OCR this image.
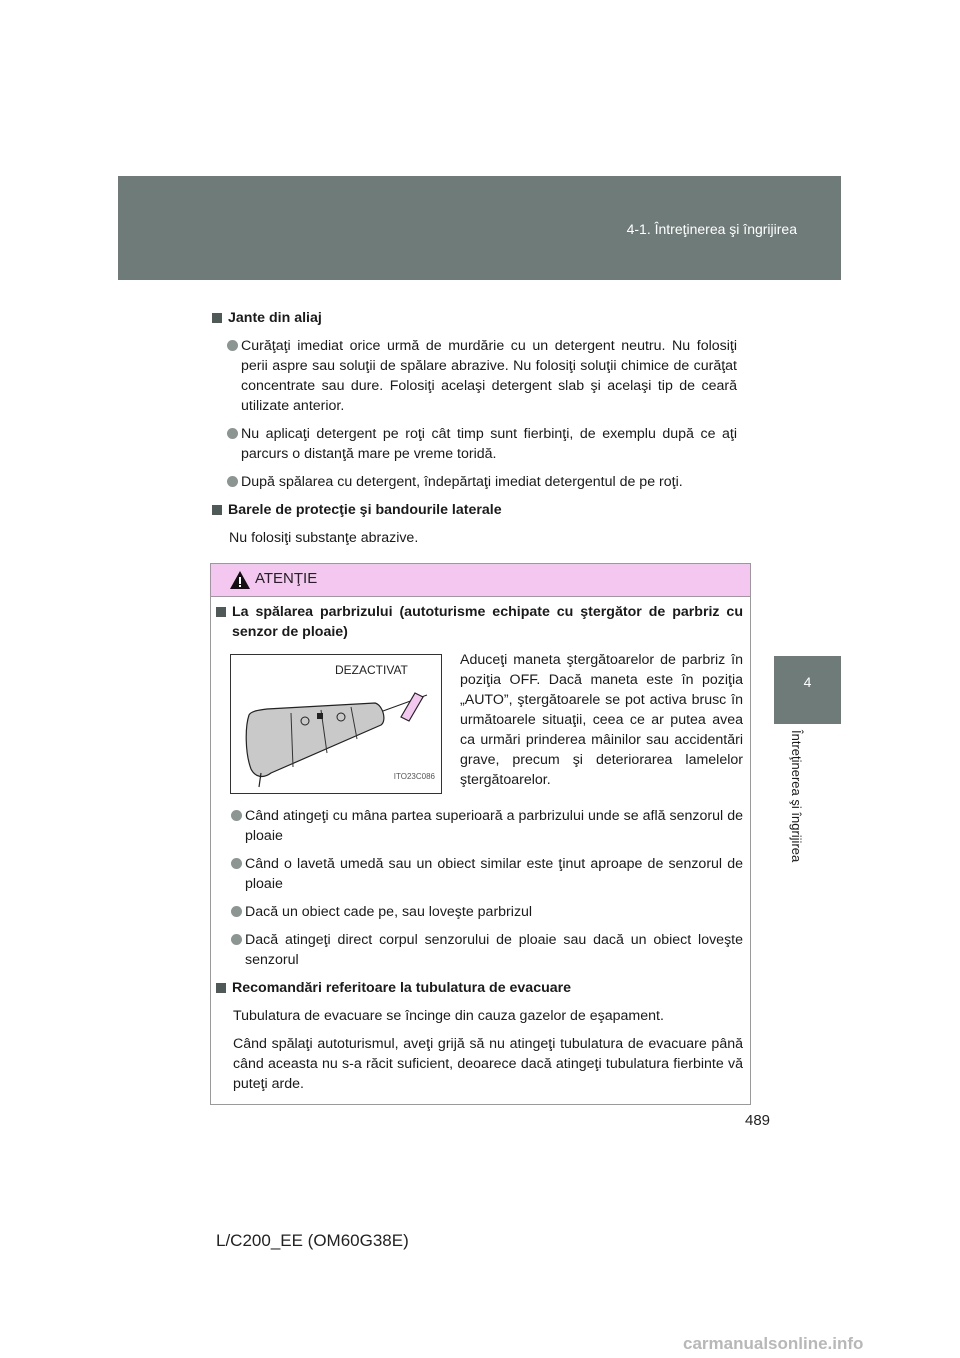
4-1. Întreţinerea şi îngrijirea
4
Întreţinerea şi îngrijirea
Jante din aliaj
Curăţaţi imediat orice urmă de murdărie cu un detergent neutru. Nu folosiţi perii aspre sau soluţii de spălare abrazive. Nu folosiţi soluţii chimice de curăţat concentrate sau dure. Folosiţi acelaşi detergent slab şi acelaşi tip de ceară utilizate anterior.
Nu aplicaţi detergent pe roţi cât timp sunt fierbinţi, de exemplu după ce aţi parcurs o distanţă mare pe vreme toridă.
După spălarea cu detergent, îndepărtaţi imediat detergentul de pe roţi.
Barele de protecţie şi bandourile laterale
Nu folosiţi substanţe abrazive.
ATENŢIE
La spălarea parbrizului (autoturisme echipate cu ştergător de parbriz cu senzor de ploaie)
DEZACTIVAT
ITO23C086
Aduceţi maneta ştergătoarelor de parbriz în poziţia OFF. Dacă maneta este în poziţia „AUTO”, ştergătoarele se pot activa brusc în următoarele situaţii, ceea ce ar putea avea ca urmări prinderea mâinilor sau accidentări grave, precum şi deteriorarea lamelelor ştergătoarelor.
Când atingeţi cu mâna partea superioară a parbrizului unde se află senzorul de ploaie
Când o lavetă umedă sau un obiect similar este ţinut aproape de senzorul de ploaie
Dacă un obiect cade pe, sau loveşte parbrizul
Dacă atingeţi direct corpul senzorului de ploaie sau dacă un obiect loveşte senzorul
Recomandări referitoare la tubulatura de evacuare
Tubulatura de evacuare se încinge din cauza gazelor de eşapament.
Când spălaţi autoturismul, aveţi grijă să nu atingeţi tubulatura de evacuare până când aceasta nu s-a răcit suficient, deoarece dacă atingeţi tubulatura fierbinte vă puteţi arde.
489
L/C200_EE (OM60G38E)
carmanualsonline.info
